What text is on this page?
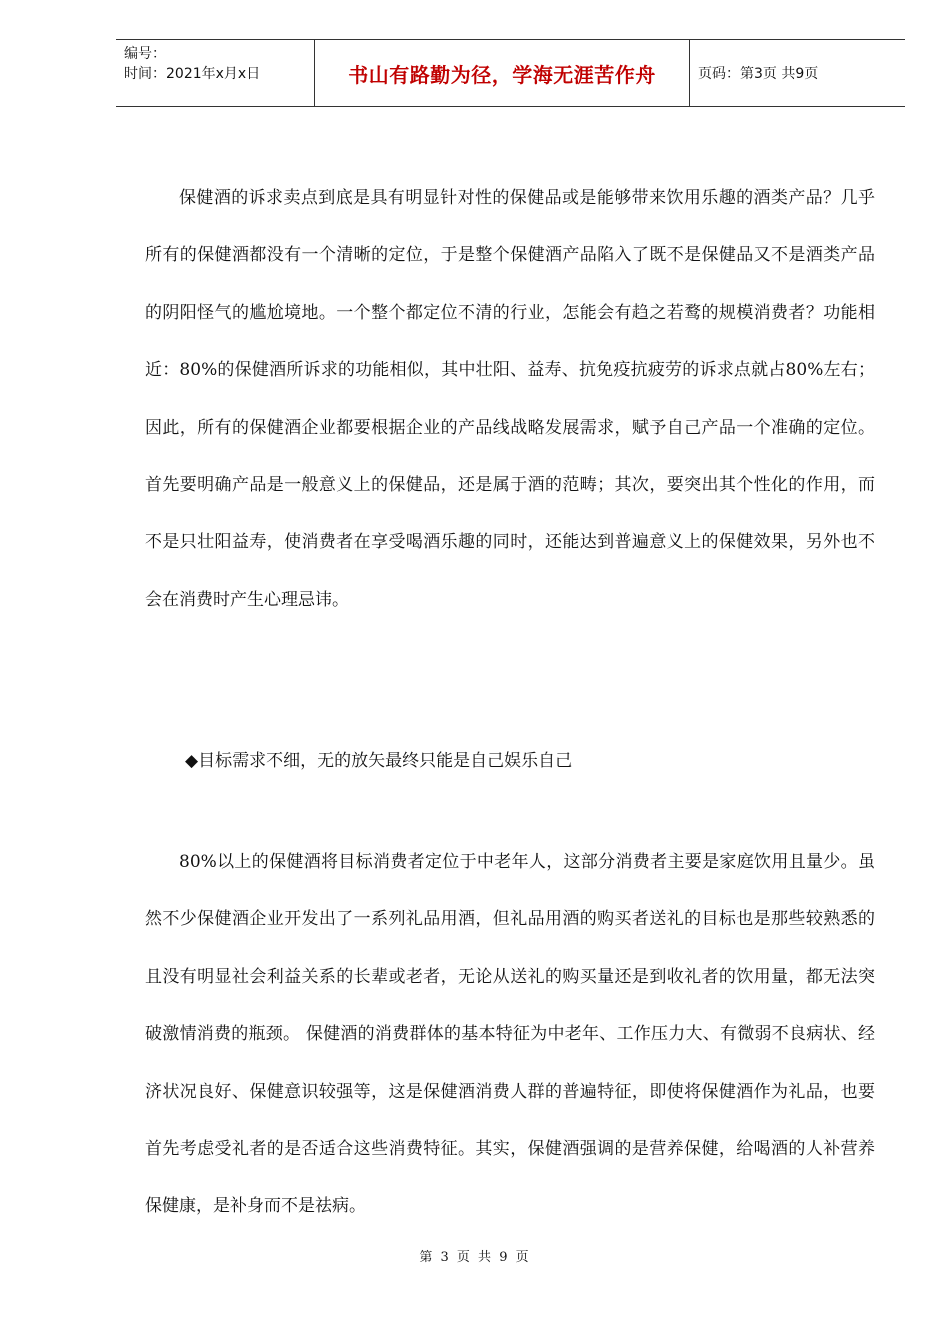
编号：
时间：2021年x月x日	书山有路勤为径，学海无涯苦作舟	页码：第3页 共9页

保健酒的诉求卖点到底是具有明显针对性的保健品或是能够带来饮用乐趣的酒类产品？几乎所有的保健酒都没有一个清晰的定位，于是整个保健酒产品陷入了既不是保健品又不是酒类产品的阴阳怪气的尴尬境地。一个整个都定位不清的行业，怎能会有趋之若鹜的规模消费者？功能相近：80%的保健酒所诉求的功能相似，其中壮阳、益寿、抗免疫抗疲劳的诉求点就占80%左右； 因此，所有的保健酒企业都要根据企业的产品线战略发展需求，赋予自己产品一个准确的定位。首先要明确产品是一般意义上的保健品，还是属于酒的范畴；其次，要突出其个性化的作用，而不是只壮阳益寿，使消费者在享受喝酒乐趣的同时，还能达到普遍意义上的保健效果，另外也不会在消费时产生心理忌讳。

◆目标需求不细，无的放矢最终只能是自己娱乐自己

80%以上的保健酒将目标消费者定位于中老年人，这部分消费者主要是家庭饮用且量少。虽然不少保健酒企业开发出了一系列礼品用酒，但礼品用酒的购买者送礼的目标也是那些较熟悉的且没有明显社会利益关系的长辈或老者，无论从送礼的购买量还是到收礼者的饮用量，都无法突破激情消费的瓶颈。 保健酒的消费群体的基本特征为中老年、工作压力大、有微弱不良病状、经济状况良好、保健意识较强等，这是保健酒消费人群的普遍特征，即使将保健酒作为礼品，也要首先考虑受礼者的是否适合这些消费特征。其实，保健酒强调的是营养保健，给喝酒的人补营养保健康，是补身而不是祛病。

第 3 页 共 9 页
